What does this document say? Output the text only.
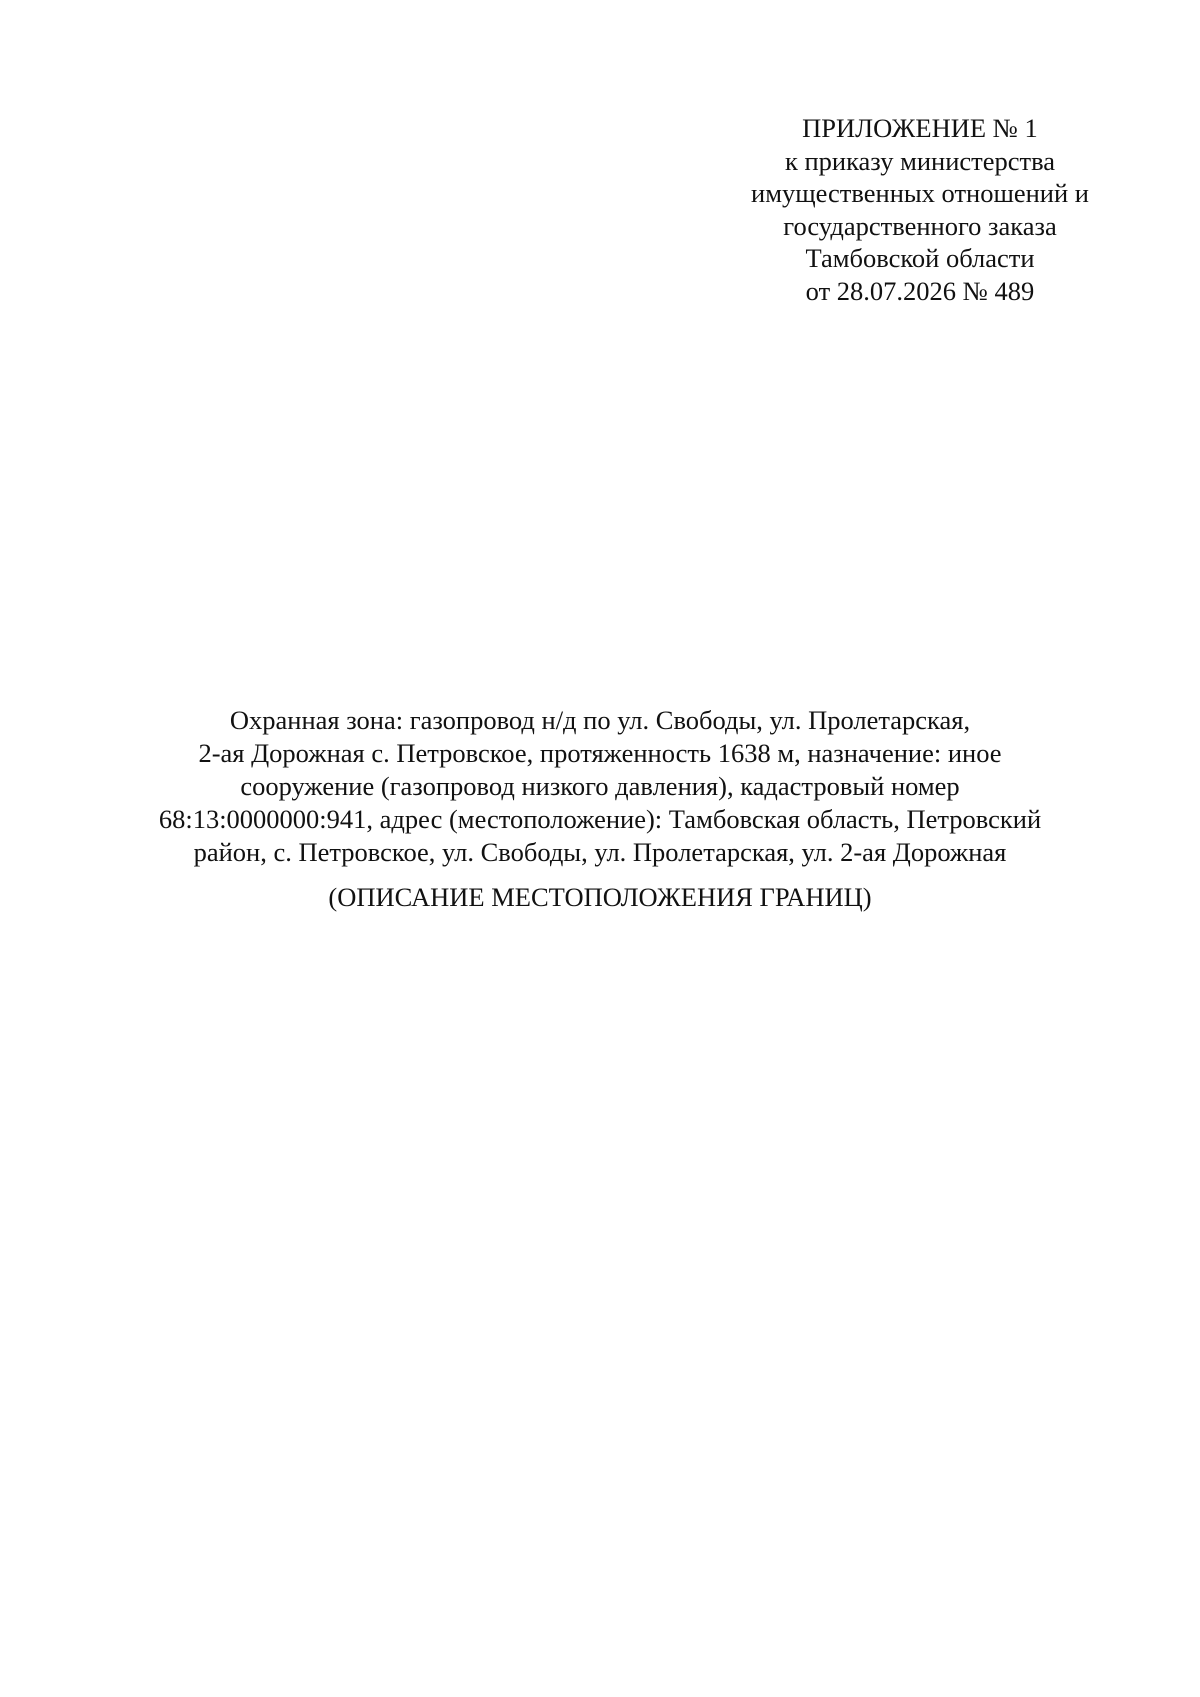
ПРИЛОЖЕНИЕ № 1
к приказу министерства
имущественных отношений и
государственного заказа
Тамбовской области
от 28.07.2026 № 489
Охранная зона: газопровод н/д по ул. Свободы, ул. Пролетарская,
2-ая Дорожная с. Петровское, протяженность 1638 м, назначение: иное
сооружение (газопровод низкого давления), кадастровый номер
68:13:0000000:941, адрес (местоположение): Тамбовская область, Петровский
район, с. Петровское, ул. Свободы, ул. Пролетарская, ул. 2-ая Дорожная
(ОПИСАНИЕ МЕСТОПОЛОЖЕНИЯ ГРАНИЦ)
